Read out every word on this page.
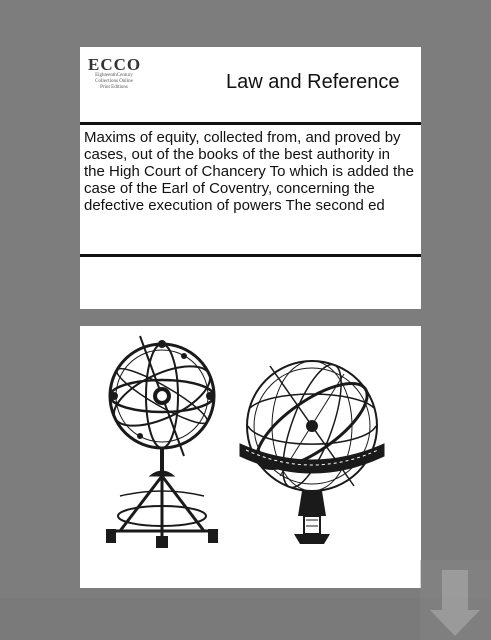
ECCO
EighteenthCentury
Collections Online
Print Editions	Law and Reference
Maxims of equity, collected from, and proved by cases, out of the books of the best authority in the High Court of Chancery To which is added the case of the Earl of Coventry, concerning the defective execution of powers The second ed
